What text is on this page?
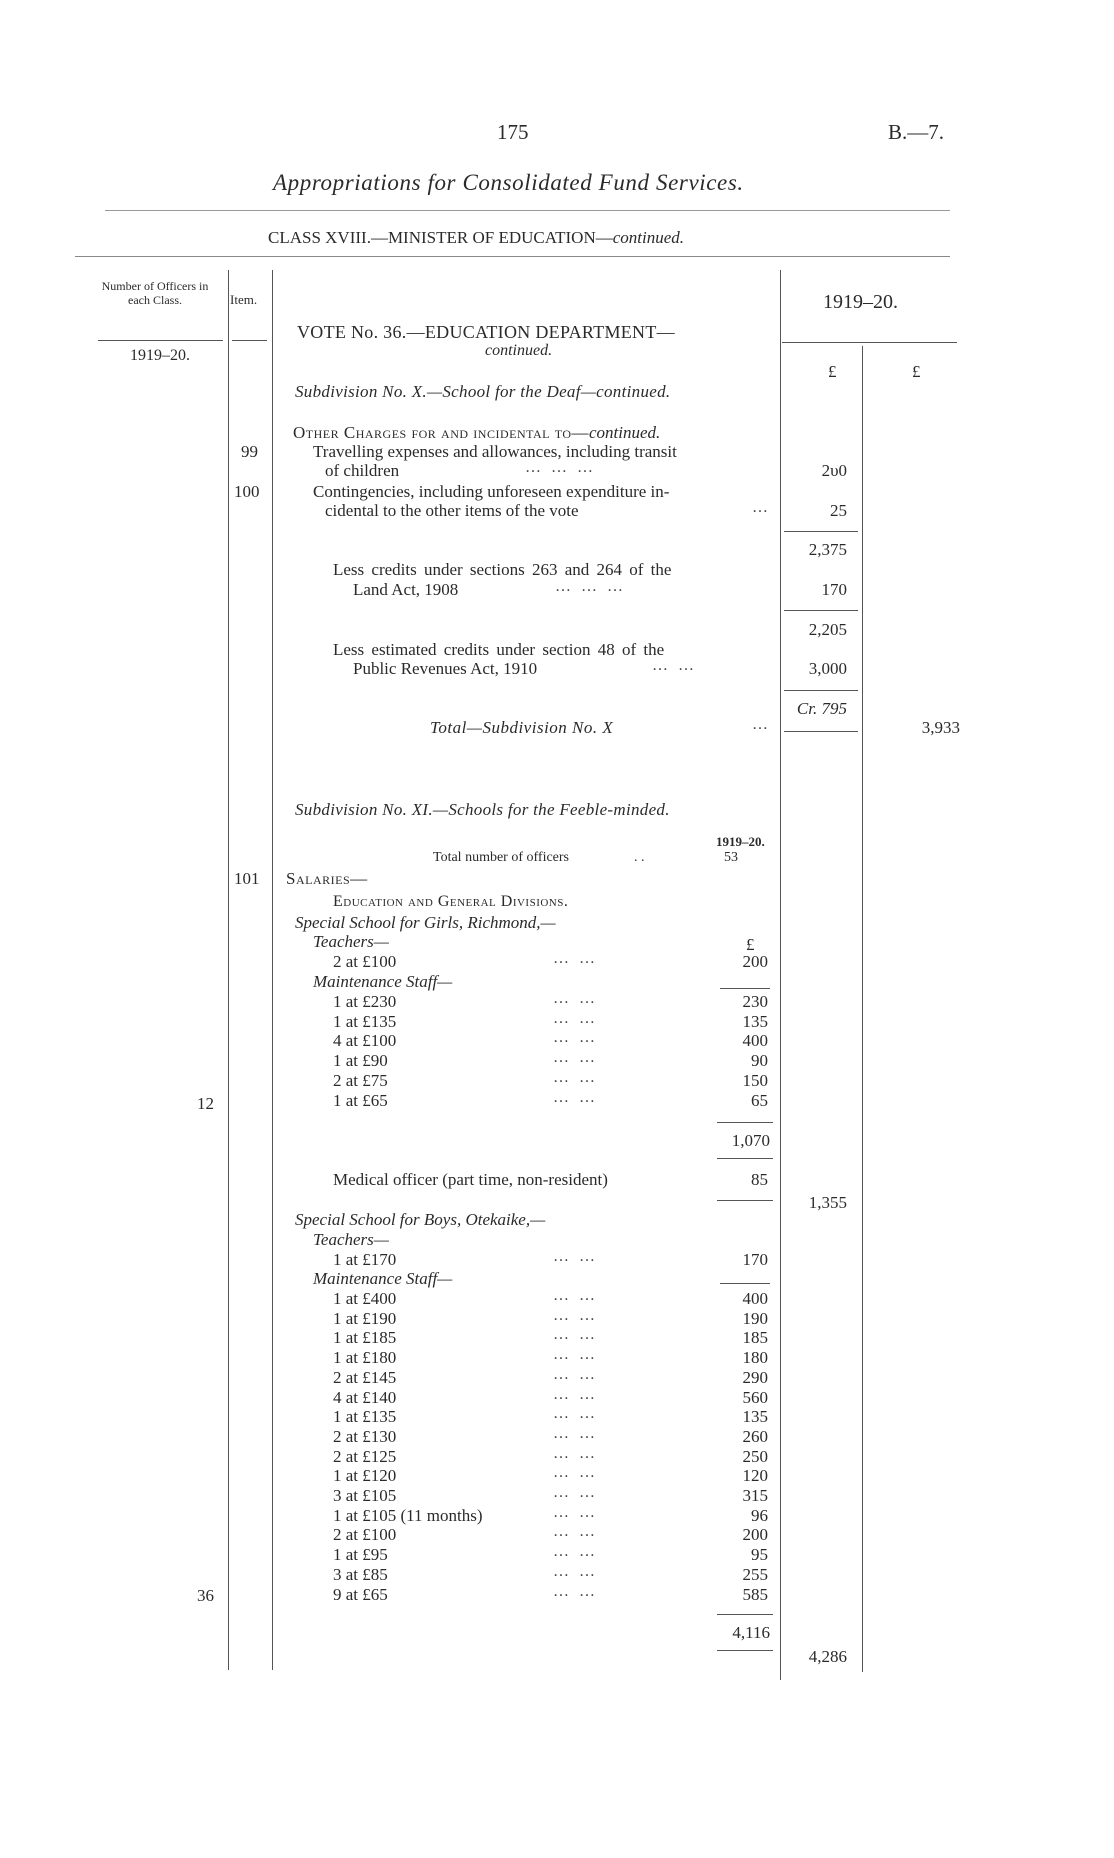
175	B.—7.
Appropriations for Consolidated Fund Services.
CLASS XVIII.—MINISTER OF EDUCATION—continued.
Number of Officers in each Class.	Item.
1919–20.
1919–20.
£	£
VOTE No. 36.—EDUCATION DEPARTMENT—
continued.
Subdivision No. X.—School for the Deaf—continued.
Other Charges for and incidental to—continued.
99	Travelling expenses and allowances, including transit
of children	… … …	2υ0
100	Contingencies, including unforeseen expenditure in-
cidental to the other items of the vote	…	25
2,375
Less credits under sections 263 and 264 of the
Land Act, 1908	… … …	170
2,205
Less estimated credits under section 48 of the
Public Revenues Act, 1910	… …	3,000
Cr. 795
Total—Subdivision No. X	…	3,933
Subdivision No. XI.—Schools for the Feeble-minded.
1919–20.
Total number of officers	. .	53
101 Salaries—
Education and General Divisions.
Special School for Girls, Richmond,—
Teachers—	£
2 at £100	… …	200
Maintenance Staff—
1 at £230	… …	230
1 at £135	… …	135
4 at £100	… …	400
1 at £90	… …	90
2 at £75	… …	150
1 at £65	… …	65
12
1,070
Medical officer (part time, non-resident)	85
1,355
Special School for Boys, Otekaike,—
Teachers—
1 at £170	… …	170
Maintenance Staff—
1 at £400	… …	400
1 at £190	… …	190
1 at £185	… …	185
1 at £180	… …	180
2 at £145	… …	290
4 at £140	… …	560
1 at £135	… …	135
2 at £130	… …	260
2 at £125	… …	250
1 at £120	… …	120
3 at £105	… …	315
1 at £105 (11 months)	… …	96
2 at £100	… …	200
1 at £95	… …	95
3 at £85	… …	255
9 at £65	… …	585
36
4,116
4,286
